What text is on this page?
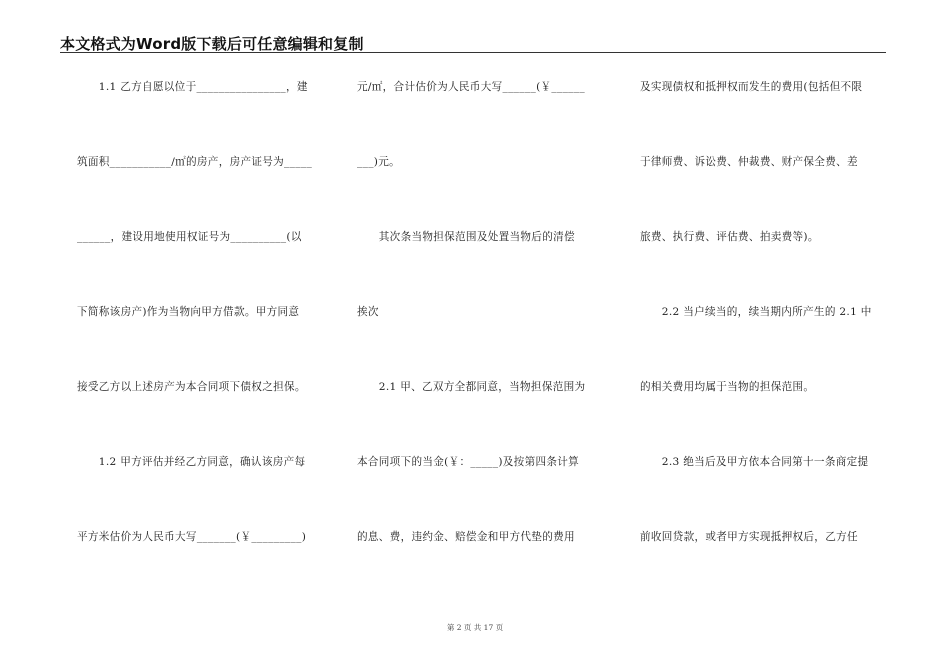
本文格式为Word版下载后可任意编辑和复制
　　1.1 乙方自愿以位于________________，建
筑面积___________/㎡的房产，房产证号为_____
______，建设用地使用权证号为__________(以
下简称该房产)作为当物向甲方借款。甲方同意
接受乙方以上述房产为本合同项下债权之担保。
　　1.2 甲方评估并经乙方同意，确认该房产每
平方米估价为人民币大写_______(￥_________)
元/㎡，合计估价为人民币大写______(￥______
___)元。
　　其次条当物担保范围及处置当物后的清偿
挨次
　　2.1 甲、乙双方全都同意，当物担保范围为
本合同项下的当金(￥：_____)及按第四条计算
的息、费，违约金、赔偿金和甲方代垫的费用
及实现债权和抵押权而发生的费用(包括但不限
于律师费、诉讼费、仲裁费、财产保全费、差
旅费、执行费、评估费、拍卖费等)。
　　2.2 当户续当的，续当期内所产生的 2.1 中
的相关费用均属于当物的担保范围。
　　2.3 绝当后及甲方依本合同第十一条商定提
前收回贷款，或者甲方实现抵押权后，乙方任
第 2 页 共 17 页
